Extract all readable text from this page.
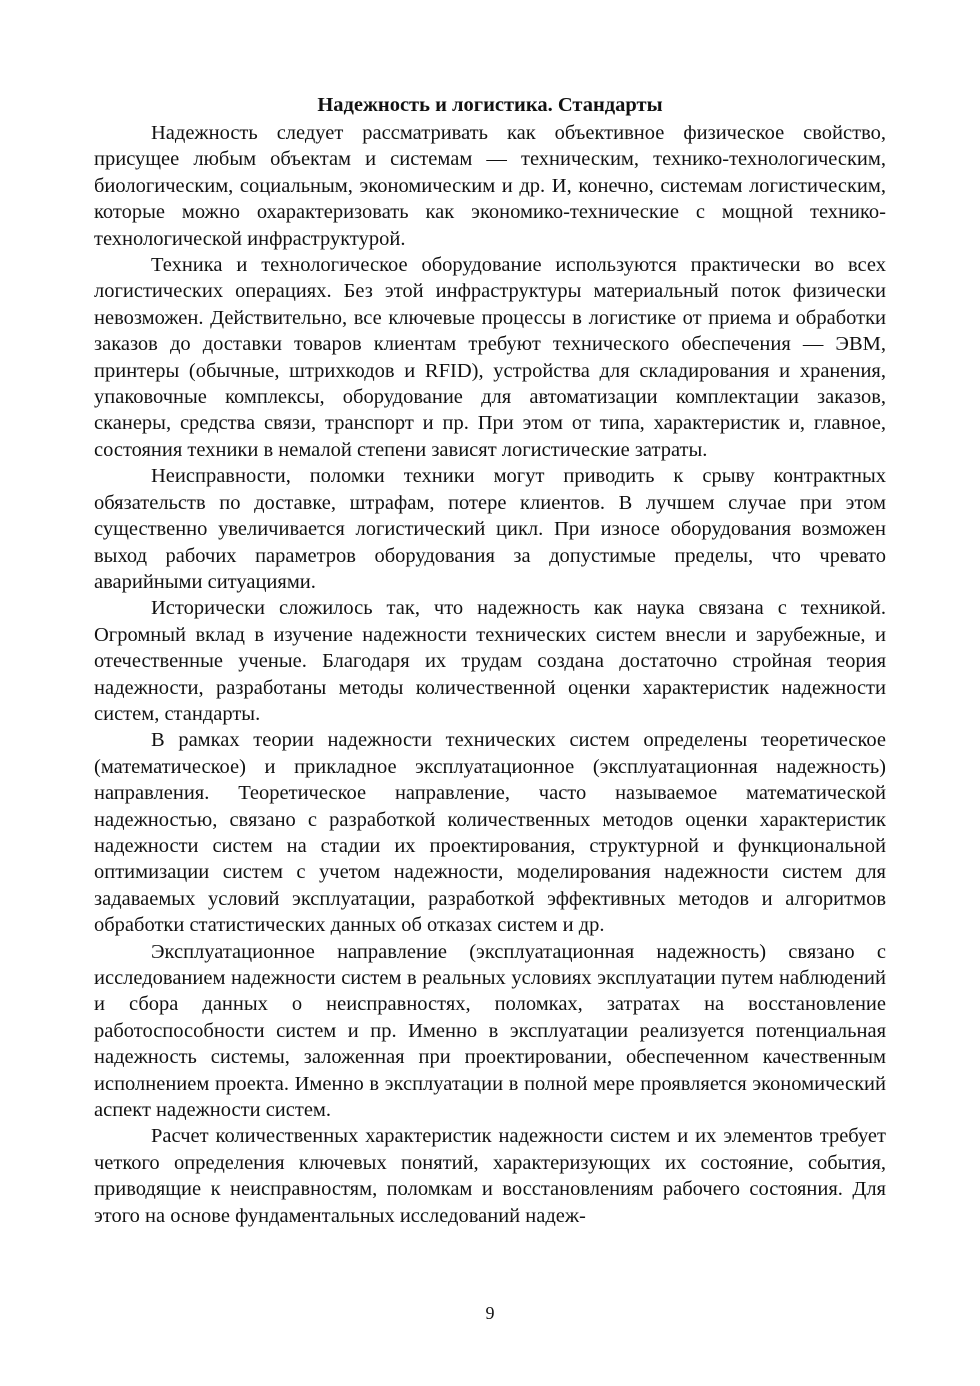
Надежность и логистика. Стандарты

Надежность следует рассматривать как объективное физическое свойство, присущее любым объектам и системам — техническим, технико-технологическим, биологическим, социальным, экономическим и др. И, конечно, системам логистическим, которые можно охарактеризовать как экономико-технические с мощной технико-технологической инфраструктурой.

Техника и технологическое оборудование используются практически во всех логистических операциях. Без этой инфраструктуры материальный поток физически невозможен. Действительно, все ключевые процессы в логистике от приема и обработки заказов до доставки товаров клиентам требуют технического обеспечения — ЭВМ, принтеры (обычные, штрихкодов и RFID), устройства для складирования и хранения, упаковочные комплексы, оборудование для автоматизации комплектации заказов, сканеры, средства связи, транспорт и пр. При этом от типа, характеристик и, главное, состояния техники в немалой степени зависят логистические затраты.

Неисправности, поломки техники могут приводить к срыву контрактных обязательств по доставке, штрафам, потере клиентов. В лучшем случае при этом существенно увеличивается логистический цикл. При износе оборудования возможен выход рабочих параметров оборудования за допустимые пределы, что чревато аварийными ситуациями.

Исторически сложилось так, что надежность как наука связана с техникой. Огромный вклад в изучение надежности технических систем внесли и зарубежные, и отечественные ученые. Благодаря их трудам создана достаточно стройная теория надежности, разработаны методы количественной оценки характеристик надежности систем, стандарты.

В рамках теории надежности технических систем определены теоретическое (математическое) и прикладное эксплуатационное (эксплуатационная надежность) направления. Теоретическое направление, часто называемое математической надежностью, связано с разработкой количественных методов оценки характеристик надежности систем на стадии их проектирования, структурной и функциональной оптимизации систем с учетом надежности, моделирования надежности систем для задаваемых условий эксплуатации, разработкой эффективных методов и алгоритмов обработки статистических данных об отказах систем и др.

Эксплуатационное направление (эксплуатационная надежность) связано с исследованием надежности систем в реальных условиях эксплуатации путем наблюдений и сбора данных о неисправностях, поломках, затратах на восстановление работоспособности систем и пр. Именно в эксплуатации реализуется потенциальная надежность системы, заложенная при проектировании, обеспеченном качественным исполнением проекта. Именно в эксплуатации в полной мере проявляется экономический аспект надежности систем.

Расчет количественных характеристик надежности систем и их элементов требует четкого определения ключевых понятий, характеризующих их состояние, события, приводящие к неисправностям, поломкам и восстановлениям рабочего состояния. Для этого на основе фундаментальных исследований надеж-

9
